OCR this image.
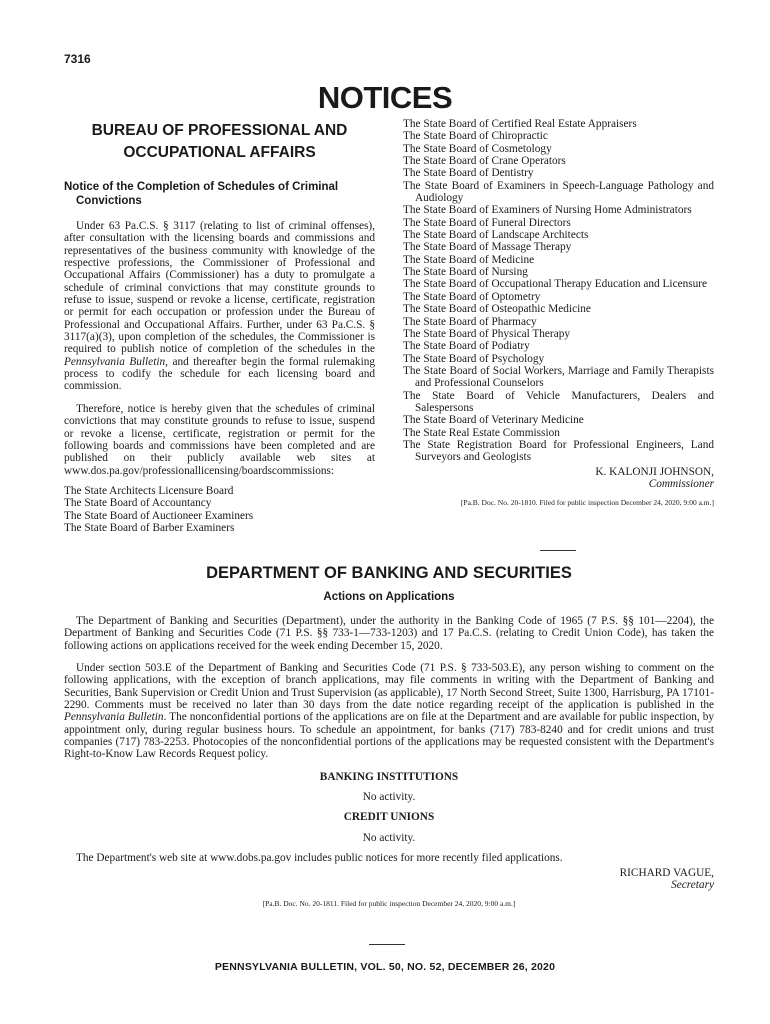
7316
NOTICES
BUREAU OF PROFESSIONAL AND
OCCUPATIONAL AFFAIRS
Notice of the Completion of Schedules of Criminal Convictions

Under 63 Pa.C.S. § 3117 (relating to list of criminal offenses), after consultation with the licensing boards and commissions and representatives of the business community with knowledge of the respective professions, the Commissioner of Professional and Occupational Affairs (Commissioner) has a duty to promulgate a schedule of criminal convictions that may constitute grounds to refuse to issue, suspend or revoke a license, certificate, registration or permit for each occupation or profession under the Bureau of Professional and Occupational Affairs. Further, under 63 Pa.C.S. § 3117(a)(3), upon completion of the schedules, the Commissioner is required to publish notice of completion of the schedules in the Pennsylvania Bulletin, and thereafter begin the formal rulemaking process to codify the schedule for each licensing board and commission.

Therefore, notice is hereby given that the schedules of criminal convictions that may constitute grounds to refuse to issue, suspend or revoke a license, certificate, registration or permit for the following boards and commissions have been completed and are published on their publicly available web sites at www.dos.pa.gov/professionallicensing/boardscommissions:

The State Architects Licensure Board
The State Board of Accountancy
The State Board of Auctioneer Examiners
The State Board of Barber Examiners
The State Board of Certified Real Estate Appraisers
The State Board of Chiropractic
The State Board of Cosmetology
The State Board of Crane Operators
The State Board of Dentistry
The State Board of Examiners in Speech-Language Pathology and Audiology
The State Board of Examiners of Nursing Home Administrators
The State Board of Funeral Directors
The State Board of Landscape Architects
The State Board of Massage Therapy
The State Board of Medicine
The State Board of Nursing
The State Board of Occupational Therapy Education and Licensure
The State Board of Optometry
The State Board of Osteopathic Medicine
The State Board of Pharmacy
The State Board of Physical Therapy
The State Board of Podiatry
The State Board of Psychology
The State Board of Social Workers, Marriage and Family Therapists and Professional Counselors
The State Board of Vehicle Manufacturers, Dealers and Salespersons
The State Board of Veterinary Medicine
The State Real Estate Commission
The State Registration Board for Professional Engineers, Land Surveyors and Geologists
K. KALONJI JOHNSON,
Commissioner
[Pa.B. Doc. No. 20-1810. Filed for public inspection December 24, 2020, 9:00 a.m.]
DEPARTMENT OF BANKING AND SECURITIES
Actions on Applications

The Department of Banking and Securities (Department), under the authority in the Banking Code of 1965 (7 P.S. §§ 101—2204), the Department of Banking and Securities Code (71 P.S. §§ 733-1—733-1203) and 17 Pa.C.S. (relating to Credit Union Code), has taken the following actions on applications received for the week ending December 15, 2020.

Under section 503.E of the Department of Banking and Securities Code (71 P.S. § 733-503.E), any person wishing to comment on the following applications, with the exception of branch applications, may file comments in writing with the Department of Banking and Securities, Bank Supervision or Credit Union and Trust Supervision (as applicable), 17 North Second Street, Suite 1300, Harrisburg, PA 17101-2290. Comments must be received no later than 30 days from the date notice regarding receipt of the application is published in the Pennsylvania Bulletin. The nonconfidential portions of the applications are on file at the Department and are available for public inspection, by appointment only, during regular business hours. To schedule an appointment, for banks (717) 783-8240 and for credit unions and trust companies (717) 783-2253. Photocopies of the nonconfidential portions of the applications may be requested consistent with the Department's Right-to-Know Law Records Request policy.

BANKING INSTITUTIONS
No activity.
CREDIT UNIONS
No activity.

The Department's web site at www.dobs.pa.gov includes public notices for more recently filed applications.

RICHARD VAGUE,
Secretary
[Pa.B. Doc. No. 20-1811. Filed for public inspection December 24, 2020, 9:00 a.m.]
PENNSYLVANIA BULLETIN, VOL. 50, NO. 52, DECEMBER 26, 2020
